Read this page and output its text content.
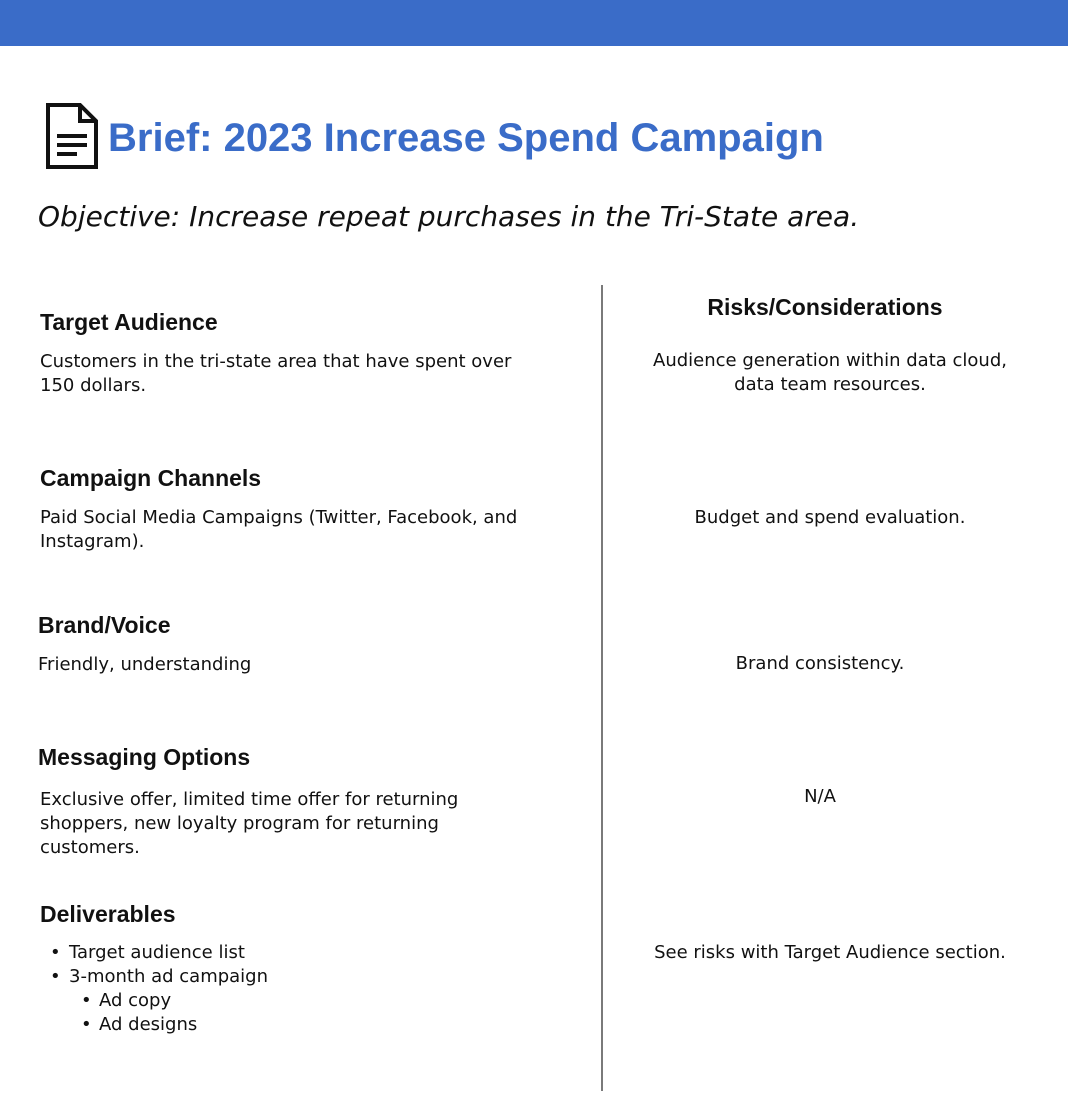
Brief: 2023 Increase Spend Campaign

Objective: Increase repeat purchases in the Tri-State area.

Target Audience

Customers in the tri-state area that have spent over 150 dollars.

Campaign Channels

Paid Social Media Campaigns (Twitter, Facebook, and Instagram).

Brand/Voice

Friendly, understanding

Messaging Options

Exclusive offer, limited time offer for returning shoppers, new loyalty program for returning customers.

Deliverables
• Target audience list
• 3-month ad campaign
• Ad copy
• Ad designs
Risks/Considerations

Audience generation within data cloud, data team resources.

Budget and spend evaluation.

Brand consistency.

N/A

See risks with Target Audience section.
